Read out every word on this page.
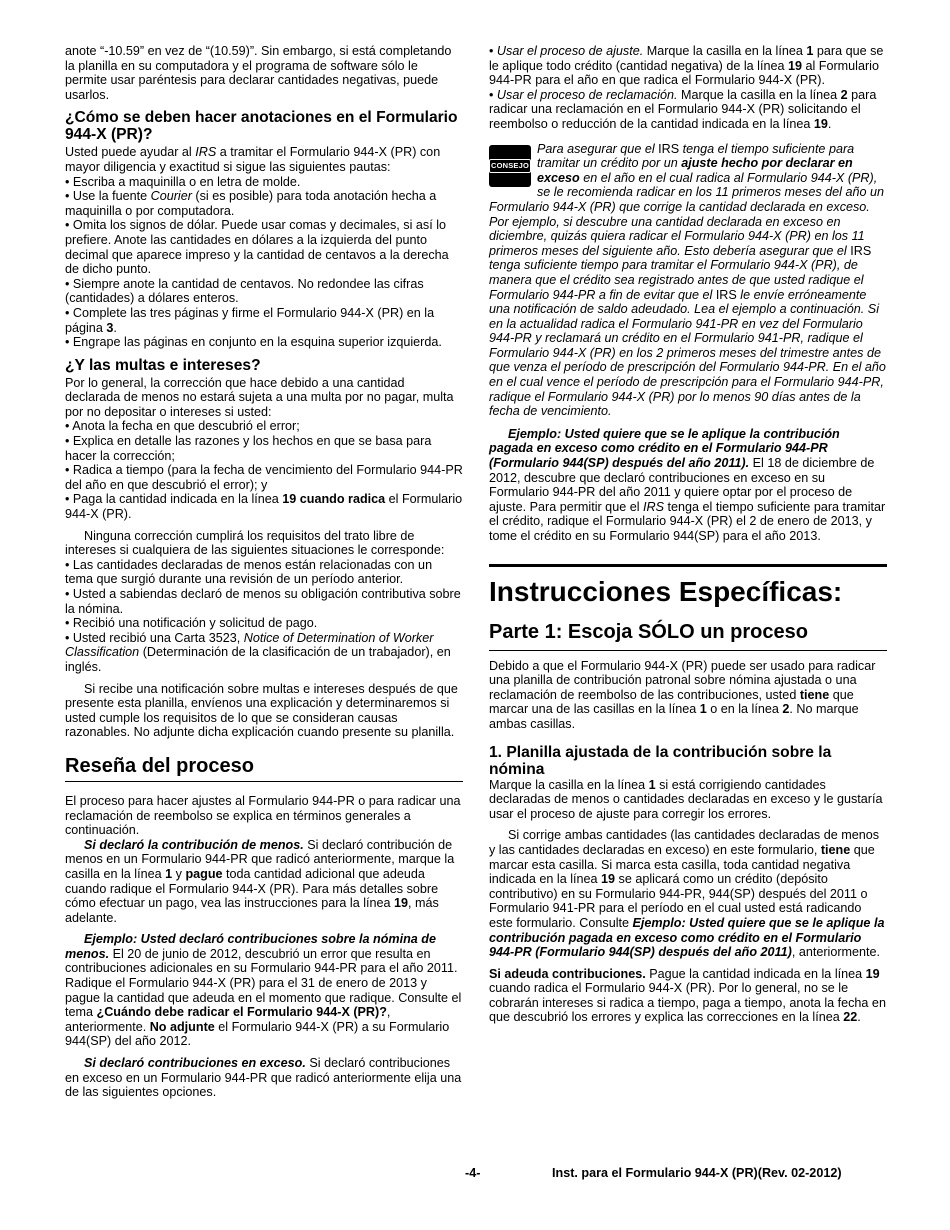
anote “-10.59” en vez de “(10.59)”. Sin embargo, si está completando la planilla en su computadora y el programa de software sólo le permite usar paréntesis para declarar cantidades negativas, puede usarlos.

¿Cómo se deben hacer anotaciones en el Formulario 944-X (PR)?

Usted puede ayudar al IRS a tramitar el Formulario 944-X (PR) con mayor diligencia y exactitud si sigue las siguientes pautas:

• Escriba a maquinilla o en letra de molde.

• Use la fuente Courier (si es posible) para toda anotación hecha a maquinilla o por computadora.

• Omita los signos de dólar. Puede usar comas y decimales, si así lo prefiere. Anote las cantidades en dólares a la izquierda del punto decimal que aparece impreso y la cantidad de centavos a la derecha de dicho punto.

• Siempre anote la cantidad de centavos. No redondee las cifras (cantidades) a dólares enteros.

• Complete las tres páginas y firme el Formulario 944-X (PR) en la página 3.

• Engrape las páginas en conjunto en la esquina superior izquierda.

¿Y las multas e intereses?

Por lo general, la corrección que hace debido a una cantidad declarada de menos no estará sujeta a una multa por no pagar, multa por no depositar o intereses si usted:

• Anota la fecha en que descubrió el error;

• Explica en detalle las razones y los hechos en que se basa para hacer la corrección;

• Radica a tiempo (para la fecha de vencimiento del Formulario 944-PR del año en que descubrió el error); y

• Paga la cantidad indicada en la línea 19 cuando radica el Formulario 944-X (PR).

Ninguna corrección cumplirá los requisitos del trato libre de intereses si cualquiera de las siguientes situaciones le corresponde:

• Las cantidades declaradas de menos están relacionadas con un tema que surgió durante una revisión de un período anterior.

• Usted a sabiendas declaró de menos su obligación contributiva sobre la nómina.

• Recibió una notificación y solicitud de pago.

• Usted recibió una Carta 3523, Notice of Determination of Worker Classification (Determinación de la clasificación de un trabajador), en inglés.

Si recibe una notificación sobre multas e intereses después de que presente esta planilla, envíenos una explicación y determinaremos si usted cumple los requisitos de lo que se consideran causas razonables. No adjunte dicha explicación cuando presente su planilla.

Reseña del proceso

El proceso para hacer ajustes al Formulario 944-PR o para radicar una reclamación de reembolso se explica en términos generales a continuación.

Si declaró la contribución de menos. Si declaró contribución de menos en un Formulario 944-PR que radicó anteriormente, marque la casilla en la línea 1 y pague toda cantidad adicional que adeuda cuando radique el Formulario 944-X (PR). Para más detalles sobre cómo efectuar un pago, vea las instrucciones para la línea 19, más adelante.

Ejemplo: Usted declaró contribuciones sobre la nómina de menos. El 20 de junio de 2012, descubrió un error que resulta en contribuciones adicionales en su Formulario 944-PR para el año 2011. Radique el Formulario 944-X (PR) para el 31 de enero de 2013 y pague la cantidad que adeuda en el momento que radique. Consulte el tema ¿Cuándo debe radicar el Formulario 944-X (PR)?, anteriormente. No adjunte el Formulario 944-X (PR) a su Formulario 944(SP) del año 2012.

Si declaró contribuciones en exceso. Si declaró contribuciones en exceso en un Formulario 944-PR que radicó anteriormente elija una de las siguientes opciones.

• Usar el proceso de ajuste. Marque la casilla en la línea 1 para que se le aplique todo crédito (cantidad negativa) de la línea 19 al Formulario 944-PR para el año en que radica el Formulario 944-X (PR).

• Usar el proceso de reclamación. Marque la casilla en la línea 2 para radicar una reclamación en el Formulario 944-X (PR) solicitando el reembolso o reducción de la cantidad indicada en la línea 19.

CONSEJO

Para asegurar que el IRS tenga el tiempo suficiente para tramitar un crédito por un ajuste hecho por declarar en exceso en el año en el cual radica al Formulario 944-X (PR), se le recomienda radicar en los 11 primeros meses del año un Formulario 944-X (PR) que corrige la cantidad declarada en exceso. Por ejemplo, si descubre una cantidad declarada en exceso en diciembre, quizás quiera radicar el Formulario 944-X (PR) en los 11 primeros meses del siguiente año. Esto debería asegurar que el IRS tenga suficiente tiempo para tramitar el Formulario 944-X (PR), de manera que el crédito sea registrado antes de que usted radique el Formulario 944-PR a fin de evitar que el IRS le envíe erróneamente una notificación de saldo adeudado. Lea el ejemplo a continuación. Si en la actualidad radica el Formulario 941-PR en vez del Formulario 944-PR y reclamará un crédito en el Formulario 941-PR, radique el Formulario 944-X (PR) en los 2 primeros meses del trimestre antes de que venza el período de prescripción del Formulario 944-PR. En el año en el cual vence el período de prescripción para el Formulario 944-PR, radique el Formulario 944-X (PR) por lo menos 90 días antes de la fecha de vencimiento.

Ejemplo: Usted quiere que se le aplique la contribución pagada en exceso como crédito en el Formulario 944-PR (Formulario 944(SP) después del año 2011). El 18 de diciembre de 2012, descubre que declaró contribuciones en exceso en su Formulario 944-PR del año 2011 y quiere optar por el proceso de ajuste. Para permitir que el IRS tenga el tiempo suficiente para tramitar el crédito, radique el Formulario 944-X (PR) el 2 de enero de 2013, y tome el crédito en su Formulario 944(SP) para el año 2013.

Instrucciones Específicas:
Parte 1: Escoja SÓLO un proceso

Debido a que el Formulario 944-X (PR) puede ser usado para radicar una planilla de contribución patronal sobre nómina ajustada o una reclamación de reembolso de las contribuciones, usted tiene que marcar una de las casillas en la línea 1 o en la línea 2. No marque ambas casillas.

1. Planilla ajustada de la contribución sobre la nómina

Marque la casilla en la línea 1 si está corrigiendo cantidades declaradas de menos o cantidades declaradas en exceso y le gustaría usar el proceso de ajuste para corregir los errores.

Si corrige ambas cantidades (las cantidades declaradas de menos y las cantidades declaradas en exceso) en este formulario, tiene que marcar esta casilla. Si marca esta casilla, toda cantidad negativa indicada en la línea 19 se aplicará como un crédito (depósito contributivo) en su Formulario 944-PR, 944(SP) después del 2011 o Formulario 941-PR para el período en el cual usted está radicando este formulario. Consulte Ejemplo: Usted quiere que se le aplique la contribución pagada en exceso como crédito en el Formulario 944-PR (Formulario 944(SP) después del año 2011), anteriormente.

Si adeuda contribuciones. Pague la cantidad indicada en la línea 19 cuando radica el Formulario 944-X (PR). Por lo general, no se le cobrarán intereses si radica a tiempo, paga a tiempo, anota la fecha en que descubrió los errores y explica las correcciones en la línea 22.

-4-	Inst. para el Formulario 944-X (PR)(Rev. 02-2012)
